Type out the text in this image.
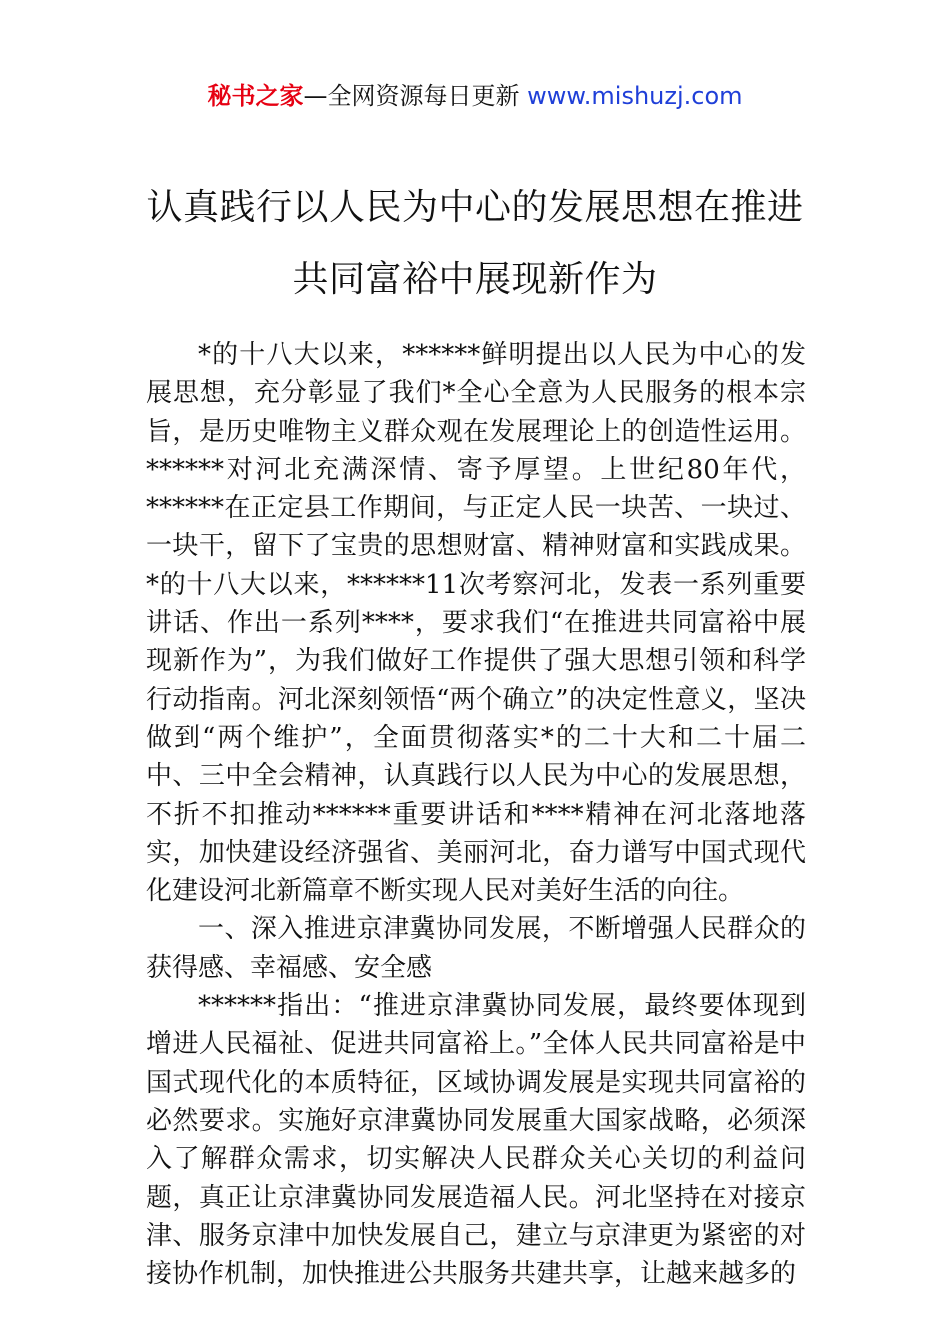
秘书之家—全网资源每日更新 www.mishuzj.com
认真践行以人民为中心的发展思想在推进
共同富裕中展现新作为

*的十八大以来，******鲜明提出以人民为中心的发展思想，充分彰显了我们*全心全意为人民服务的根本宗旨，是历史唯物主义群众观在发展理论上的创造性运用。******对河北充满深情、寄予厚望。上世纪80年代，******在正定县工作期间，与正定人民一块苦、一块过、一块干，留下了宝贵的思想财富、精神财富和实践成果。*的十八大以来，******11次考察河北，发表一系列重要讲话、作出一系列****，要求我们“在推进共同富裕中展现新作为”，为我们做好工作提供了强大思想引领和科学行动指南。河北深刻领悟“两个确立”的决定性意义，坚决做到“两个维护”，全面贯彻落实*的二十大和二十届二中、三中全会精神，认真践行以人民为中心的发展思想，不折不扣推动******重要讲话和****精神在河北落地落实，加快建设经济强省、美丽河北，奋力谱写中国式现代化建设河北新篇章不断实现人民对美好生活的向往。

一、深入推进京津冀协同发展，不断增强人民群众的获得感、幸福感、安全感

******指出：“推进京津冀协同发展，最终要体现到增进人民福祉、促进共同富裕上。”全体人民共同富裕是中国式现代化的本质特征，区域协调发展是实现共同富裕的必然要求。实施好京津冀协同发展重大国家战略，必须深入了解群众需求，切实解决人民群众关心关切的利益问题，真正让京津冀协同发展造福人民。河北坚持在对接京津、服务京津中加快发展自己，建立与京津更为紧密的对接协作机制，加快推进公共服务共建共享，让越来越多的
